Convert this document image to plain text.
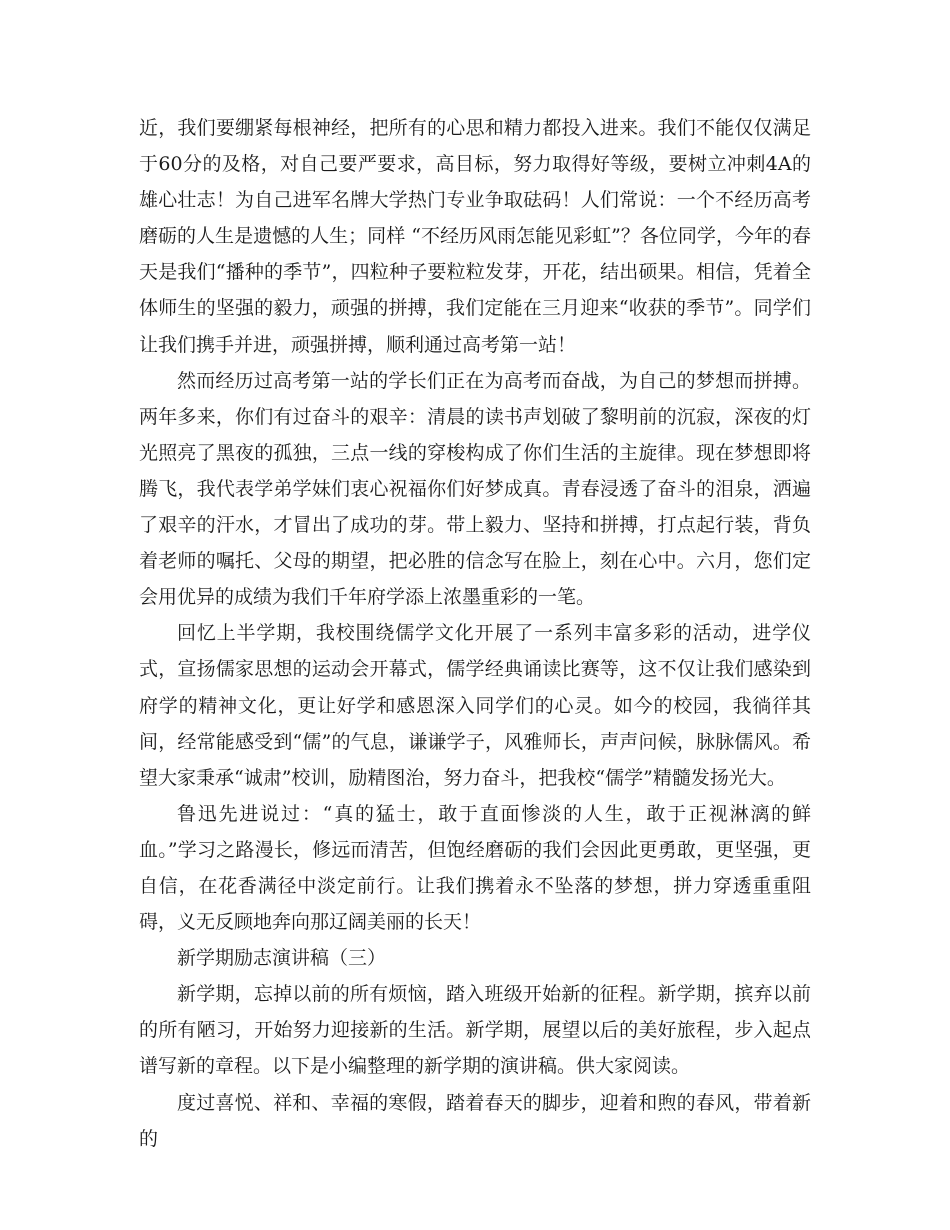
近，我们要绷紧每根神经，把所有的心思和精力都投入进来。我们不能仅仅满足于60分的及格，对自己要严要求，高目标，努力取得好等级，要树立冲刺4A的雄心壮志！为自己进军名牌大学热门专业争取砝码！人们常说：一个不经历高考磨砺的人生是遗憾的人生；同样 “不经历风雨怎能见彩虹”？各位同学，今年的春天是我们“播种的季节”，四粒种子要粒粒发芽，开花，结出硕果。相信，凭着全体师生的坚强的毅力，顽强的拼搏，我们定能在三月迎来“收获的季节”。同学们让我们携手并进，顽强拼搏，顺利通过高考第一站！

然而经历过高考第一站的学长们正在为高考而奋战，为自己的梦想而拼搏。两年多来，你们有过奋斗的艰辛：清晨的读书声划破了黎明前的沉寂，深夜的灯光照亮了黑夜的孤独，三点一线的穿梭构成了你们生活的主旋律。现在梦想即将腾飞，我代表学弟学妹们衷心祝福你们好梦成真。青春浸透了奋斗的泪泉，洒遍了艰辛的汗水，才冒出了成功的芽。带上毅力、坚持和拼搏，打点起行装，背负着老师的嘱托、父母的期望，把必胜的信念写在脸上，刻在心中。六月，您们定会用优异的成绩为我们千年府学添上浓墨重彩的一笔。

回忆上半学期，我校围绕儒学文化开展了一系列丰富多彩的活动，进学仪式，宣扬儒家思想的运动会开幕式，儒学经典诵读比赛等，这不仅让我们感染到府学的精神文化，更让好学和感恩深入同学们的心灵。如今的校园，我徜徉其间，经常能感受到“儒”的气息，谦谦学子，风雅师长，声声问候，脉脉儒风。希望大家秉承“诚肃”校训，励精图治，努力奋斗，把我校“儒学”精髓发扬光大。

鲁迅先进说过：“真的猛士，敢于直面惨淡的人生，敢于正视淋漓的鲜血。”学习之路漫长，修远而清苦，但饱经磨砺的我们会因此更勇敢，更坚强，更自信，在花香满径中淡定前行。让我们携着永不坠落的梦想，拼力穿透重重阻碍，义无反顾地奔向那辽阔美丽的长天！

新学期励志演讲稿（三）

新学期，忘掉以前的所有烦恼，踏入班级开始新的征程。新学期，摈弃以前的所有陋习，开始努力迎接新的生活。新学期，展望以后的美好旅程，步入起点谱写新的章程。以下是小编整理的新学期的演讲稿。供大家阅读。

度过喜悦、祥和、幸福的寒假，踏着春天的脚步，迎着和煦的春风，带着新的
